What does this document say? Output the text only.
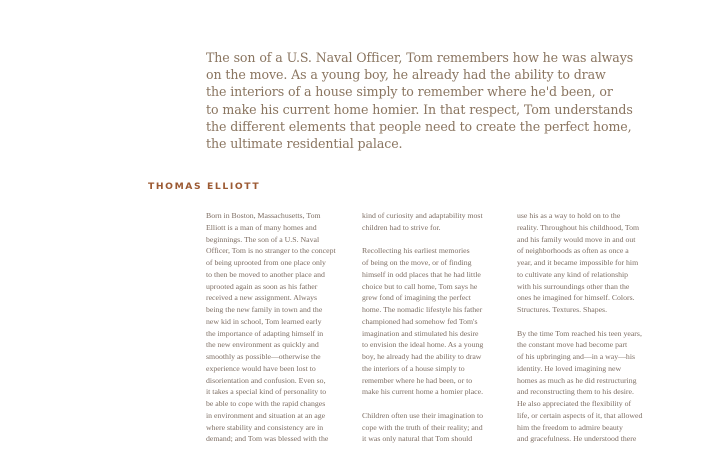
The son of a U.S. Naval Officer, Tom remembers how he was always
on the move. As a young boy, he already had the ability to draw
the interiors of a house simply to remember where he'd been, or
to make his current home homier. In that respect, Tom understands
the different elements that people need to create the perfect home,
the ultimate residential palace.

THOMAS ELLIOTT

Born in Boston, Massachusetts, Tom
Elliott is a man of many homes and
beginnings. The son of a U.S. Naval
Officer, Tom is no stranger to the concept
of being uprooted from one place only
to then be moved to another place and
uprooted again as soon as his father
received a new assignment. Always
being the new family in town and the
new kid in school, Tom learned early
the importance of adapting himself in
the new environment as quickly and
smoothly as possible—otherwise the
experience would have been lost to
disorientation and confusion. Even so,
it takes a special kind of personality to
be able to cope with the rapid changes
in environment and situation at an age
where stability and consistency are in
demand; and Tom was blessed with the

kind of curiosity and adaptability most
children had to strive for.

Recollecting his earliest memories
of being on the move, or of finding
himself in odd places that he had little
choice but to call home, Tom says he
grew fond of imagining the perfect
home. The nomadic lifestyle his father
championed had somehow fed Tom's
imagination and stimulated his desire
to envision the ideal home. As a young
boy, he already had the ability to draw
the interiors of a house simply to
remember where he had been, or to
make his current home a homier place.

Children often use their imagination to
cope with the truth of their reality; and
it was only natural that Tom should

use his as a way to hold on to the
reality. Throughout his childhood, Tom
and his family would move in and out
of neighborhoods as often as once a
year, and it became impossible for him
to cultivate any kind of relationship
with his surroundings other than the
ones he imagined for himself. Colors.
Structures. Textures. Shapes.

By the time Tom reached his teen years,
the constant move had become part
of his upbringing and—in a way—his
identity. He loved imagining new
homes as much as he did restructuring
and reconstructing them to his desire.
He also appreciated the flexibility of
life, or certain aspects of it, that allowed
him the freedom to admire beauty
and gracefulness. He understood there
